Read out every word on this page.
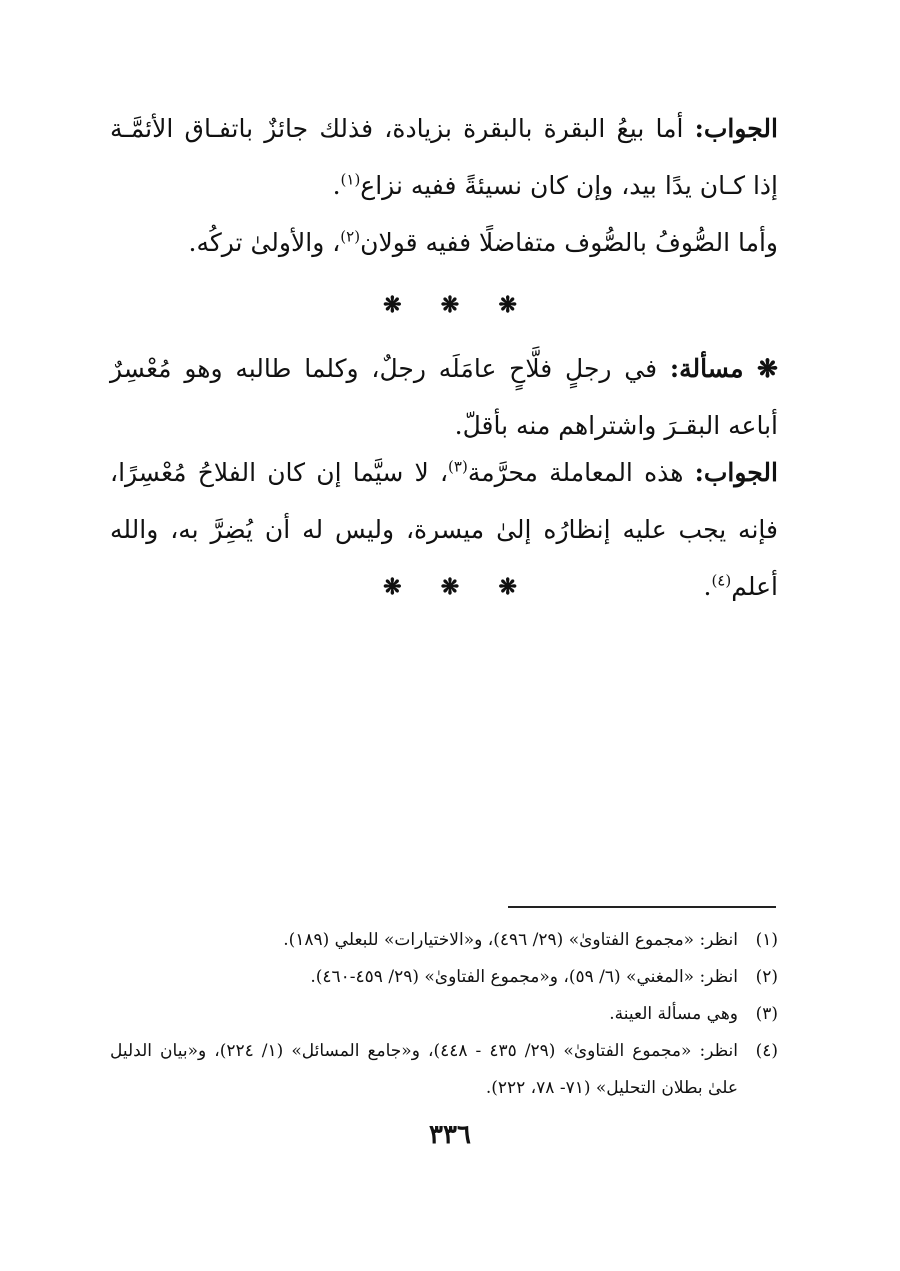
الجواب: أما بيعُ البقرة بالبقرة بزيادة، فذلك جائزٌ باتفـاق الأئمَّـة إذا كـان يدًا بيد، وإن كان نسيئةً ففيه نزاع$^{(١)}$.

وأما الصُّوفُ بالصُّوف متفاضلًا ففيه قولان$^{(٢)}$، والأولىٰ تركُه.

❋ ❋ ❋

❋ مسألة: في رجلٍ فلَّاحٍ عامَلَه رجلٌ، وكلما طالبه وهو مُعْسِرٌ أباعه البقـرَ واشتراهم منه بأقلّ.

الجواب: هذه المعاملة محرَّمة$^{(٣)}$، لا سيَّما إن كان الفلاحُ مُعْسِرًا، فإنه يجب عليه إنظارُه إلىٰ ميسرة، وليس له أن يُضِرَّ به، والله أعلم$^{(٤)}$.

❋ ❋ ❋
(١)
انظر: «مجموع الفتاوىٰ» (٢٩/ ٤٩٦)، و«الاختيارات» للبعلي (١٨٩).
(٢)
انظر: «المغني» (٦/ ٥٩)، و«مجموع الفتاوىٰ» (٢٩/ ٤٥٩-٤٦٠).
(٣)
وهي مسألة العينة.
(٤)
انظر: «مجموع الفتاوىٰ» (٢٩/ ٤٣٥ - ٤٤٨)، و«جامع المسائل» (١/ ٢٢٤)، و«بيان الدليل علىٰ بطلان التحليل» (٧١- ٧٨، ٢٢٢).
٣٣٦
